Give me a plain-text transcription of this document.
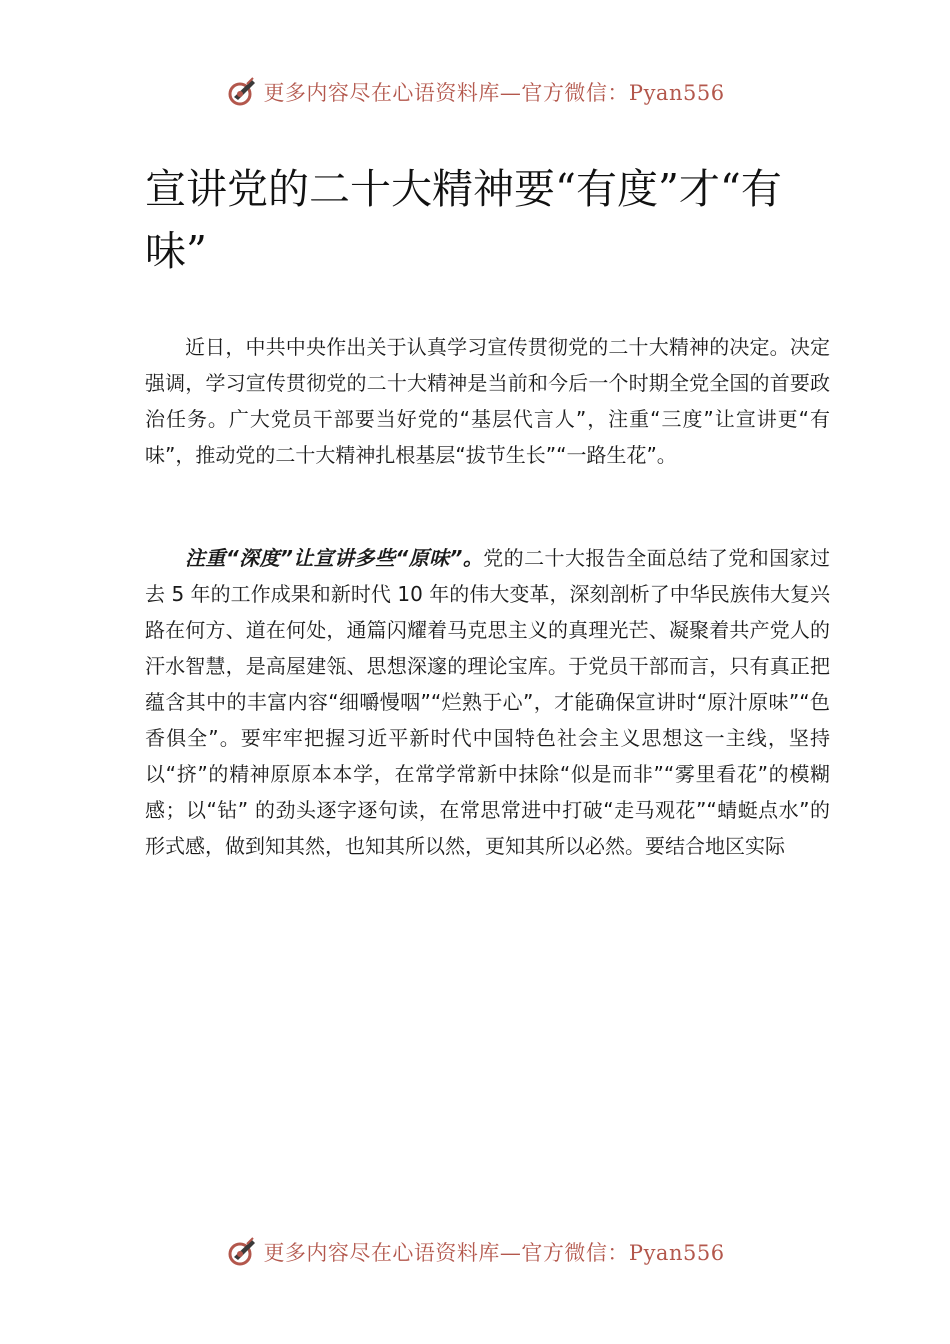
更多内容尽在心语资料库—官方微信：Pyan556
宣讲党的二十大精神要“有度”才“有味”

近日，中共中央作出关于认真学习宣传贯彻党的二十大精神的决定。决定强调，学习宣传贯彻党的二十大精神是当前和今后一个时期全党全国的首要政治任务。广大党员干部要当好党的“基层代言人”，注重“三度”让宣讲更“有味”，推动党的二十大精神扎根基层“拔节生长”“一路生花”。

注重“深度”让宣讲多些“原味”。党的二十大报告全面总结了党和国家过去 5 年的工作成果和新时代 10 年的伟大变革，深刻剖析了中华民族伟大复兴路在何方、道在何处，通篇闪耀着马克思主义的真理光芒、凝聚着共产党人的汗水智慧，是高屋建瓴、思想深邃的理论宝库。于党员干部而言，只有真正把蕴含其中的丰富内容“细嚼慢咽”“烂熟于心”，才能确保宣讲时“原汁原味”“色香俱全”。要牢牢把握习近平新时代中国特色社会主义思想这一主线，坚持以“挤”的精神原原本本学，在常学常新中抹除“似是而非”“雾里看花”的模糊感；以“钻” 的劲头逐字逐句读，在常思常进中打破“走马观花”“蜻蜓点水”的形式感，做到知其然，也知其所以然，更知其所以必然。要结合地区实际

更多内容尽在心语资料库—官方微信：Pyan556
